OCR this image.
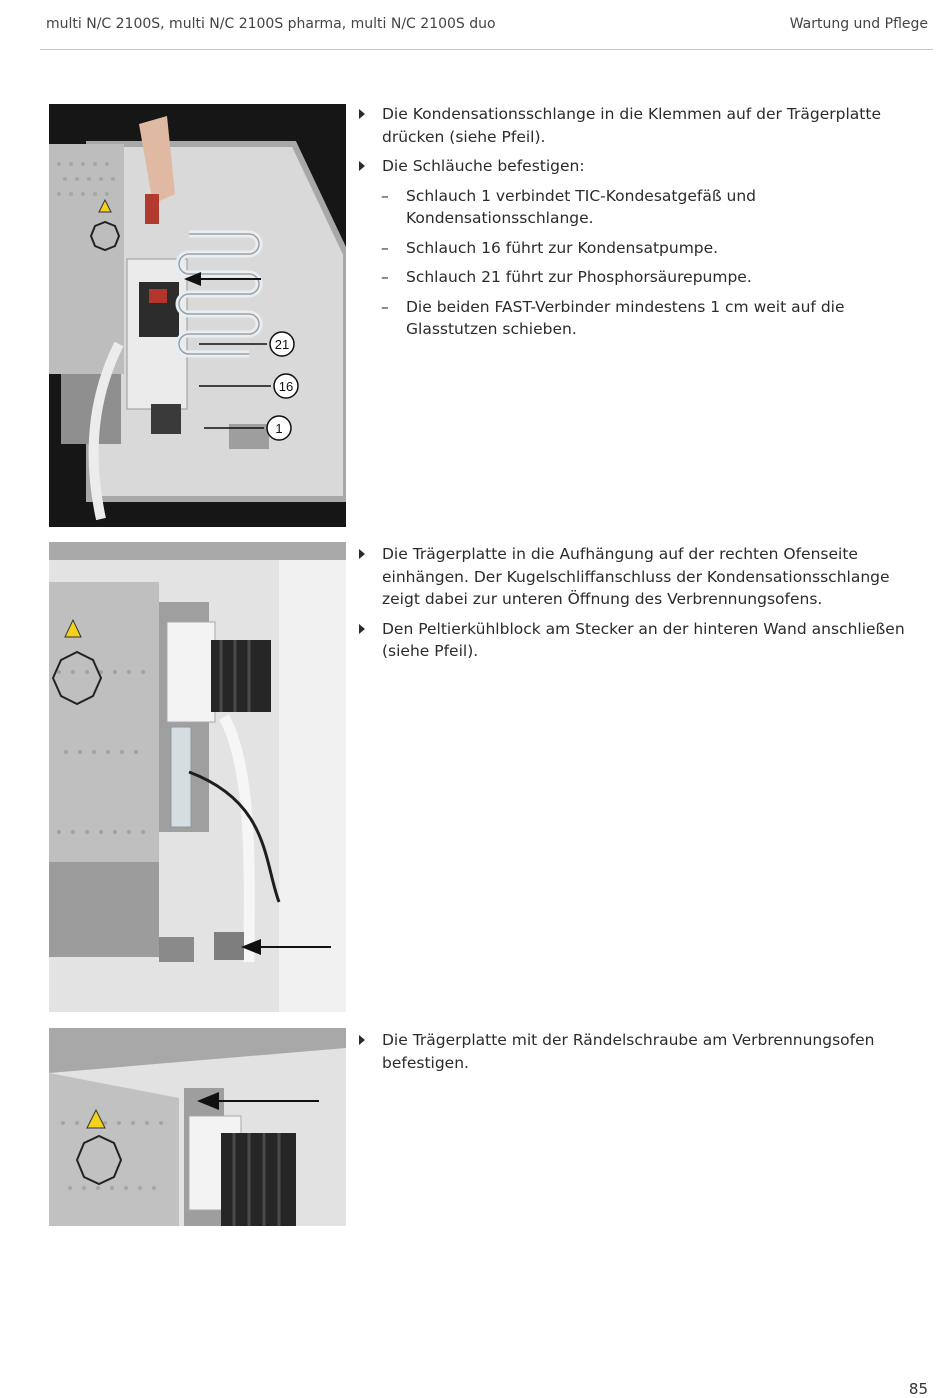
multi N/C 2100S, multi N/C 2100S pharma, multi N/C 2100S duo	Wartung und Pflege
21
16
1
Die Kondensationsschlange in die Klemmen auf der Trägerplatte drücken (siehe Pfeil).
Die Schläuche befestigen:
– Schlauch 1 verbindet TIC-Kondesatgefäß und Kondensationsschlange.
– Schlauch 16 führt zur Kondensatpumpe.
– Schlauch 21 führt zur Phosphorsäurepumpe.
– Die beiden FAST-Verbinder mindestens 1 cm weit auf die Glasstutzen schieben.
Die Trägerplatte in die Aufhängung auf der rechten Ofenseite einhängen. Der Kugelschliffanschluss der Kondensationsschlange zeigt dabei zur unteren Öffnung des Verbrennungsofens.
Den Peltierkühlblock am Stecker an der hinteren Wand anschließen (siehe Pfeil).
Die Trägerplatte mit der Rändelschraube am Verbrennungsofen befestigen.
85
